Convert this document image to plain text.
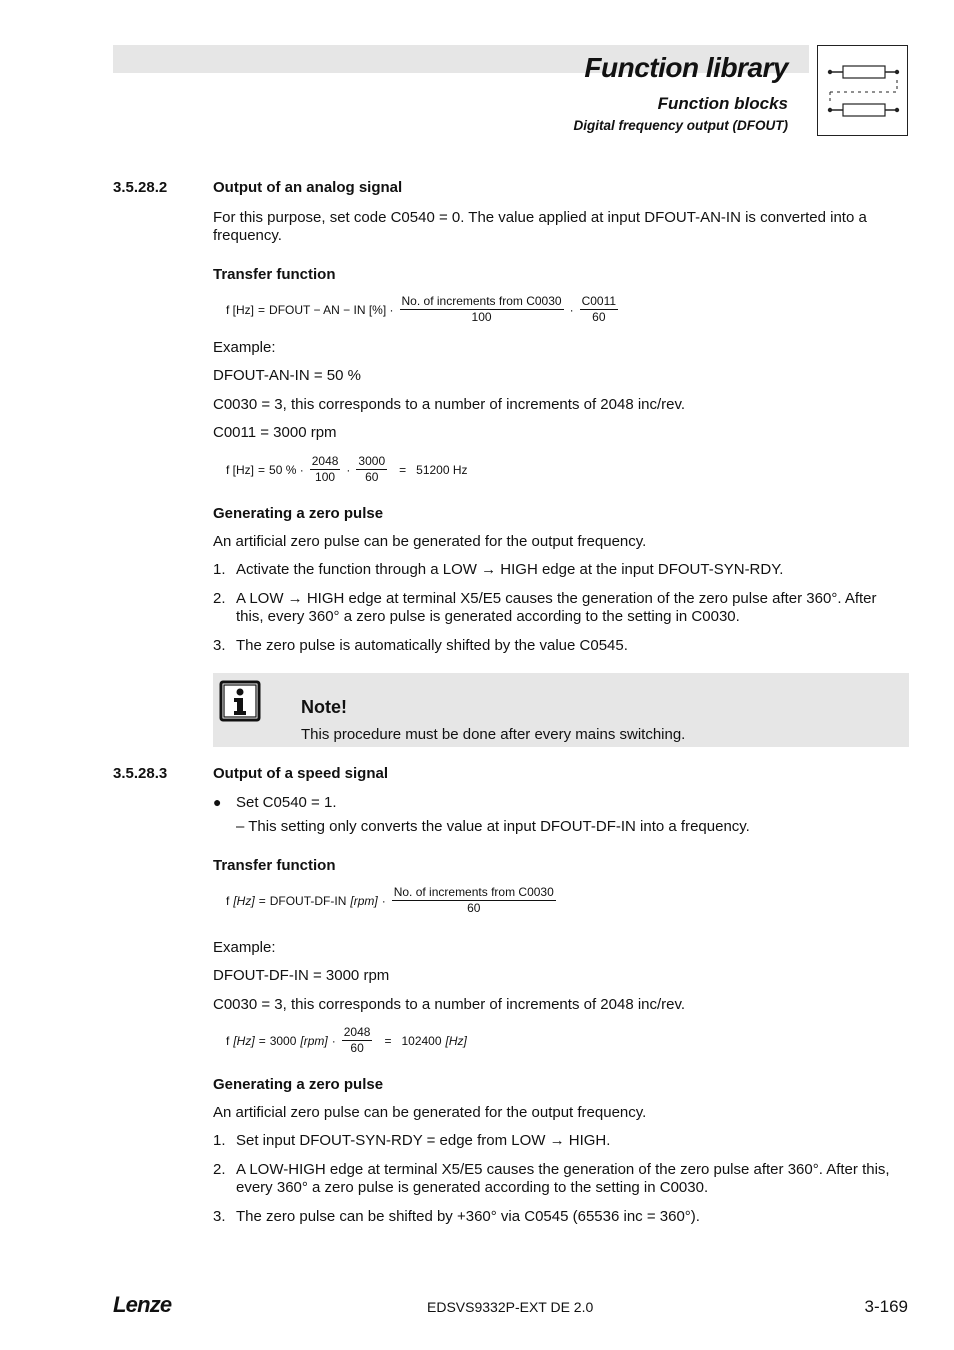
Function library
Function blocks
Digital frequency output (DFOUT)
3.5.28.2	Output of an analog signal
For this purpose, set code C0540 = 0. The value applied at input DFOUT-AN-IN is converted into a frequency.
Transfer function
f [Hz] = DFOUT − AN − IN [%] · $\frac{\text{No. of increments from C0030}}{100} \cdot \frac{C0011}{60}$
Example:
DFOUT-AN-IN = 50 %
C0030 = 3, this corresponds to a number of increments of 2048 inc/rev.
C0011 = 3000 rpm
f [Hz] = 50 % · $\frac{2048}{100} \cdot \frac{3000}{60} = 51200$ Hz
Generating a zero pulse
An artificial zero pulse can be generated for the output frequency.
1. Activate the function through a LOW → HIGH edge at the input DFOUT-SYN-RDY.
2. A LOW → HIGH edge at terminal X5/E5 causes the generation of the zero pulse after 360°. After this, every 360° a zero pulse is generated according to the setting in C0030.
3. The zero pulse is automatically shifted by the value C0545.
Note!
This procedure must be done after every mains switching.
3.5.28.3	Output of a speed signal
● Set C0540 = 1.
– This setting only converts the value at input DFOUT-DF-IN into a frequency.
Transfer function
f [Hz] = DFOUT-DF-IN $[rpm] \cdot \frac{\text{No. of increments from C0030}}{60}$
Example:
DFOUT-DF-IN = 3000 rpm
C0030 = 3, this corresponds to a number of increments of 2048 inc/rev.
f [Hz] = 3000 $[rpm] \cdot \frac{2048}{60} = 102400$ [Hz]
Generating a zero pulse
An artificial zero pulse can be generated for the output frequency.
1. Set input DFOUT-SYN-RDY = edge from LOW → HIGH.
2. A LOW-HIGH edge at terminal X5/E5 causes the generation of the zero pulse after 360°. After this, every 360° a zero pulse is generated according to the setting in C0030.
3. The zero pulse can be shifted by +360° via C0545 (65536 inc = 360°).
Lenze	EDSVS9332P-EXT DE 2.0	3-169
